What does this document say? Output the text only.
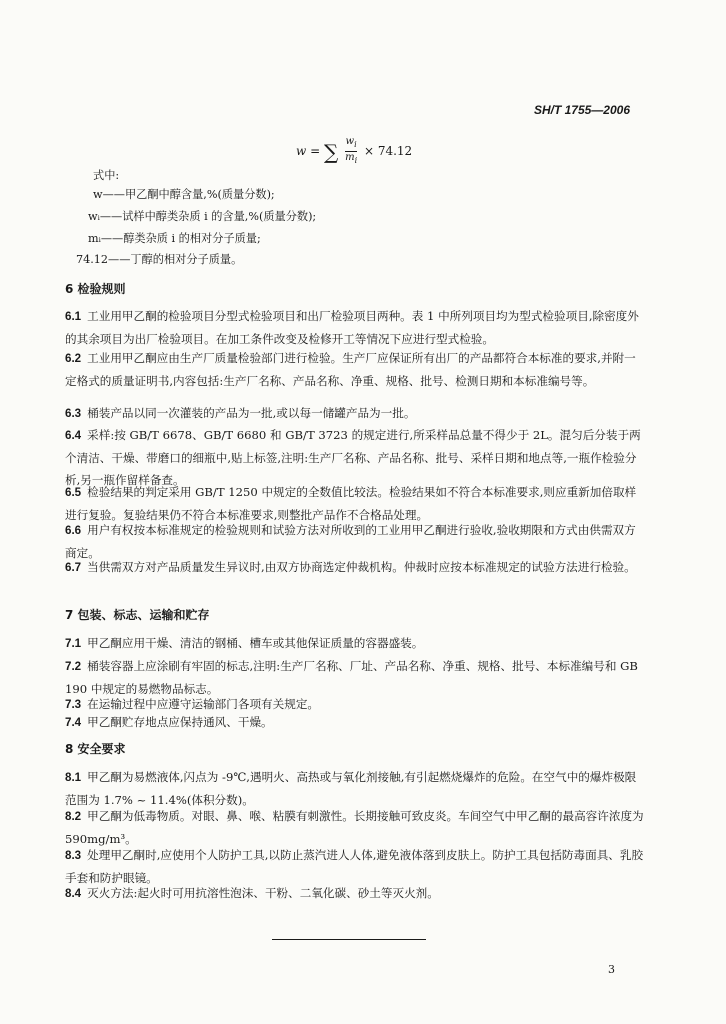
SH/T 1755—2006
w = ∑ $\frac{w_i}{m_i} \times 74.12$
式中:
w——甲乙酮中醇含量,%(质量分数);
wᵢ——试样中醇类杂质 i 的含量,%(质量分数);
mᵢ——醇类杂质 i 的相对分子质量;
74.12——丁醇的相对分子质量。
6 检验规则
6.1 工业用甲乙酮的检验项目分型式检验项目和出厂检验项目两种。表 1 中所列项目均为型式检验项目,除密度外的其余项目为出厂检验项目。在加工条件改变及检修开工等情况下应进行型式检验。
6.2 工业用甲乙酮应由生产厂质量检验部门进行检验。生产厂应保证所有出厂的产品都符合本标准的要求,并附一定格式的质量证明书,内容包括:生产厂名称、产品名称、净重、规格、批号、检测日期和本标准编号等。
6.3 桶装产品以同一次灌装的产品为一批,或以每一储罐产品为一批。
6.4 采样:按 GB/T 6678、GB/T 6680 和 GB/T 3723 的规定进行,所采样品总量不得少于 2L。混匀后分装于两个清洁、干燥、带磨口的细瓶中,贴上标签,注明:生产厂名称、产品名称、批号、采样日期和地点等,一瓶作检验分析,另一瓶作留样备查。
6.5 检验结果的判定采用 GB/T 1250 中规定的全数值比较法。检验结果如不符合本标准要求,则应重新加倍取样进行复验。复验结果仍不符合本标准要求,则整批产品作不合格品处理。
6.6 用户有权按本标准规定的检验规则和试验方法对所收到的工业用甲乙酮进行验收,验收期限和方式由供需双方商定。
6.7 当供需双方对产品质量发生异议时,由双方协商选定仲裁机构。仲裁时应按本标准规定的试验方法进行检验。
7 包装、标志、运输和贮存
7.1 甲乙酮应用干燥、清洁的钢桶、槽车或其他保证质量的容器盛装。
7.2 桶装容器上应涂刷有牢固的标志,注明:生产厂名称、厂址、产品名称、净重、规格、批号、本标准编号和 GB 190 中规定的易燃物品标志。
7.3 在运输过程中应遵守运输部门各项有关规定。
7.4 甲乙酮贮存地点应保持通风、干燥。
8 安全要求
8.1 甲乙酮为易燃液体,闪点为 -9℃,遇明火、高热或与氧化剂接触,有引起燃烧爆炸的危险。在空气中的爆炸极限范围为 1.7% ~ 11.4%(体积分数)。
8.2 甲乙酮为低毒物质。对眼、鼻、喉、粘膜有刺激性。长期接触可致皮炎。车间空气中甲乙酮的最高容许浓度为 590mg/m³。
8.3 处理甲乙酮时,应使用个人防护工具,以防止蒸汽进人人体,避免液体落到皮肤上。防护工具包括防毒面具、乳胶手套和防护眼镜。
8.4 灭火方法:起火时可用抗溶性泡沫、干粉、二氧化碳、砂土等灭火剂。
3
